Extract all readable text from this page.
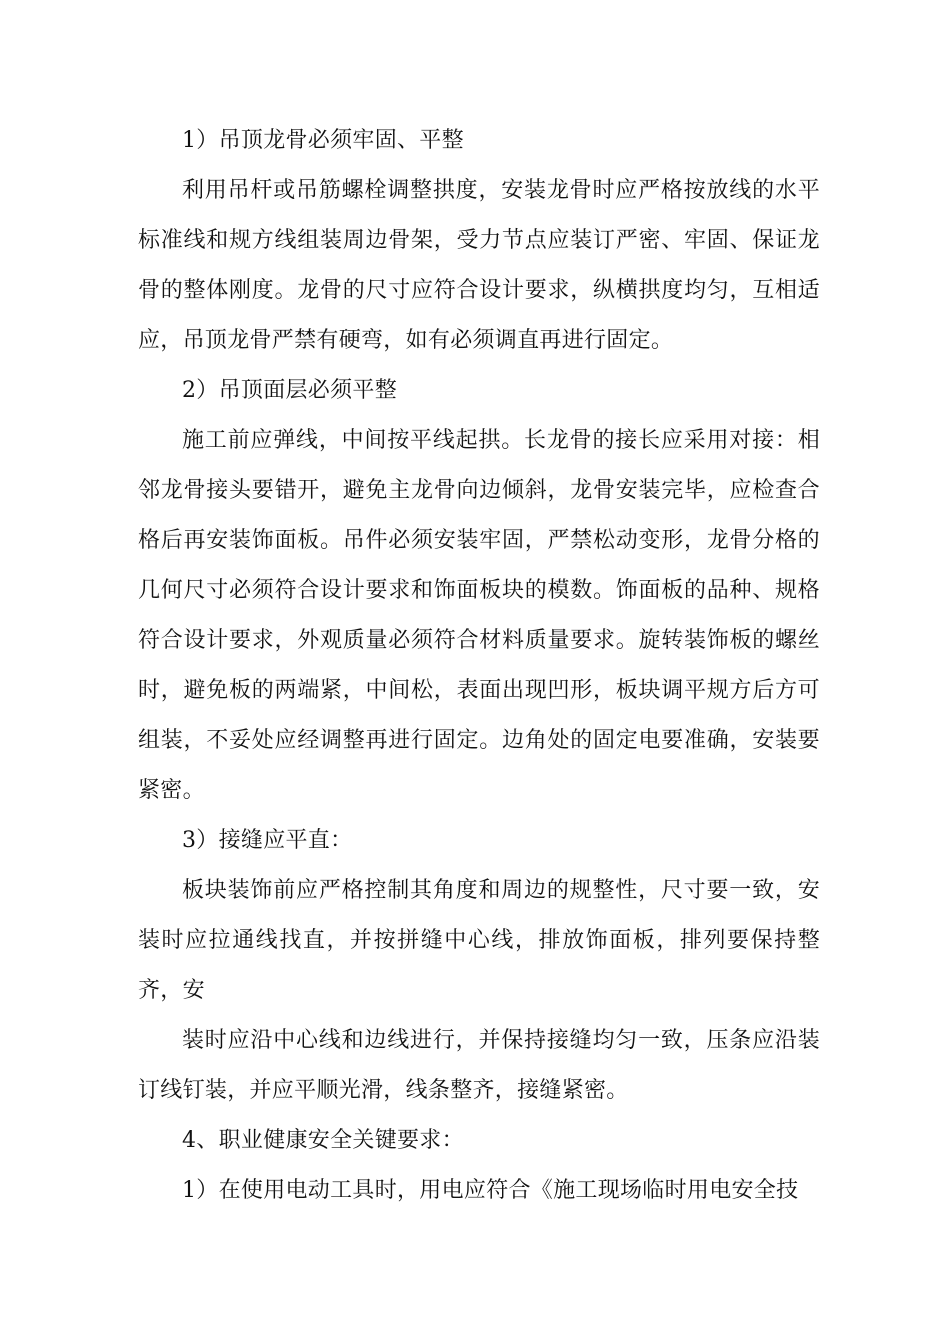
1）吊顶龙骨必须牢固、平整

利用吊杆或吊筋螺栓调整拱度，安装龙骨时应严格按放线的水平标准线和规方线组装周边骨架，受力节点应装订严密、牢固、保证龙骨的整体刚度。龙骨的尺寸应符合设计要求，纵横拱度均匀，互相适应，吊顶龙骨严禁有硬弯，如有必须调直再进行固定。

2）吊顶面层必须平整

施工前应弹线，中间按平线起拱。长龙骨的接长应采用对接：相邻龙骨接头要错开，避免主龙骨向边倾斜，龙骨安装完毕，应检查合格后再安装饰面板。吊件必须安装牢固，严禁松动变形，龙骨分格的几何尺寸必须符合设计要求和饰面板块的模数。饰面板的品种、规格符合设计要求，外观质量必须符合材料质量要求。旋转装饰板的螺丝时，避免板的两端紧，中间松，表面出现凹形，板块调平规方后方可组装，不妥处应经调整再进行固定。边角处的固定电要准确，安装要紧密。

3）接缝应平直：

板块装饰前应严格控制其角度和周边的规整性，尺寸要一致，安装时应拉通线找直，并按拼缝中心线，排放饰面板，排列要保持整齐，安

装时应沿中心线和边线进行，并保持接缝均匀一致，压条应沿装订线钉装，并应平顺光滑，线条整齐，接缝紧密。

4、职业健康安全关键要求：

1）在使用电动工具时，用电应符合《施工现场临时用电安全技
